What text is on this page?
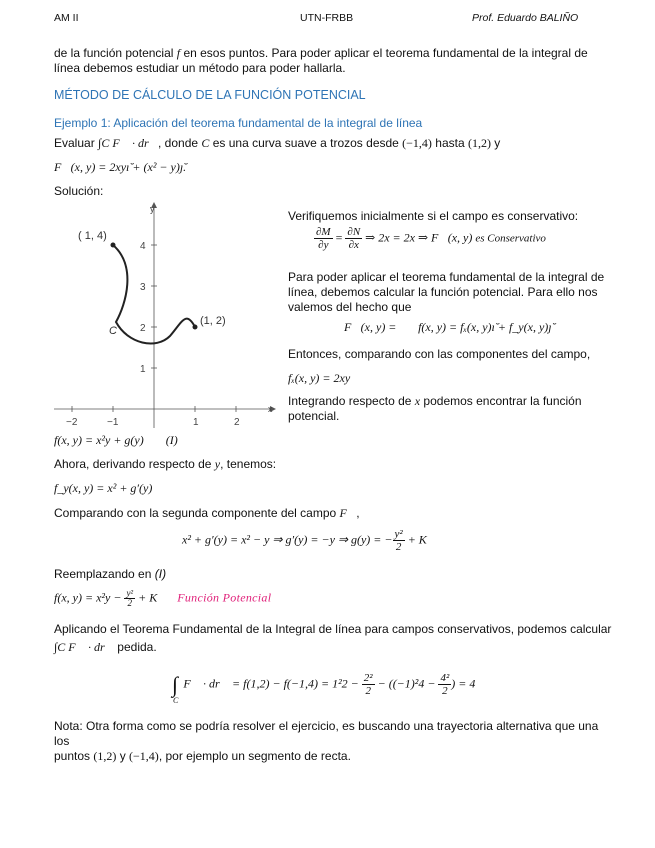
AM II	UTN-FRBB	Prof. Eduardo BALIÑO
de la función potencial f en esos puntos. Para poder aplicar el teorema fundamental de la integral de
línea debemos estudiar un método para poder hallarla.
MÉTODO DE CÁLCULO DE LA FUNCIÓN POTENCIAL
Ejemplo 1: Aplicación del teorema fundamental de la integral de línea
Evaluar ∫C F⃗ · dr⃗, donde C es una curva suave a trozos desde (−1,4) hasta (1,2) y
F⃗(x, y) = 2xyı̆ + (x² − y)ȷ̆.
Solución:
x
y
−2	−1	1	2
1
2
3
4
( 1, 4)
(1, 2)
C
Verifiquemos inicialmente si el campo es conservativo:
$\frac{\partial M}{\partial y} = \frac{\partial N}{\partial x}$ ⇒ 2x = 2x ⇒ F⃗(x, y) es Conservativo
Para poder aplicar el teorema fundamental de la integral de línea, debemos calcular la función potencial. Para ello nos valemos del hecho que
F⃗(x, y) = ∇⃗f(x, y) = fₓ(x, y)ı̆ + f_y(x, y)ȷ̆
Entonces, comparando con las componentes del campo,
fₓ(x, y) = 2xy
Integrando respecto de x podemos encontrar la función potencial.
f(x, y) = x²y + g(y) (I)
Ahora, derivando respecto de y, tenemos:
f_y(x, y) = x² + g′(y)
Comparando con la segunda componente del campo F⃗,
x² + g′(y) = x² − y ⇒ g′(y) = −y ⇒ g(y) = − $\frac{\text{y²}}{2} + K$
Reemplazando en (I)
f(x, $y) = x^2y - \frac{\text{y²}}{2} + K$ Función Potencial
Aplicando el Teorema Fundamental de la Integral de línea para campos conservativos, podemos calcular
∫C F⃗ · dr⃗ pedida.
$\int_CF⃗$ · dr⃗ = $f(1,2) - f(-1,4) = 1^22 - \frac{\text{2²}}{2} - ((-1)^24 - \frac{\text{4²}}{2}$ ) = 4
Nota: Otra forma como se podría resolver el ejercicio, es buscando una trayectoria alternativa que una los
puntos (1,2) y (−1,4), por ejemplo un segmento de recta.
